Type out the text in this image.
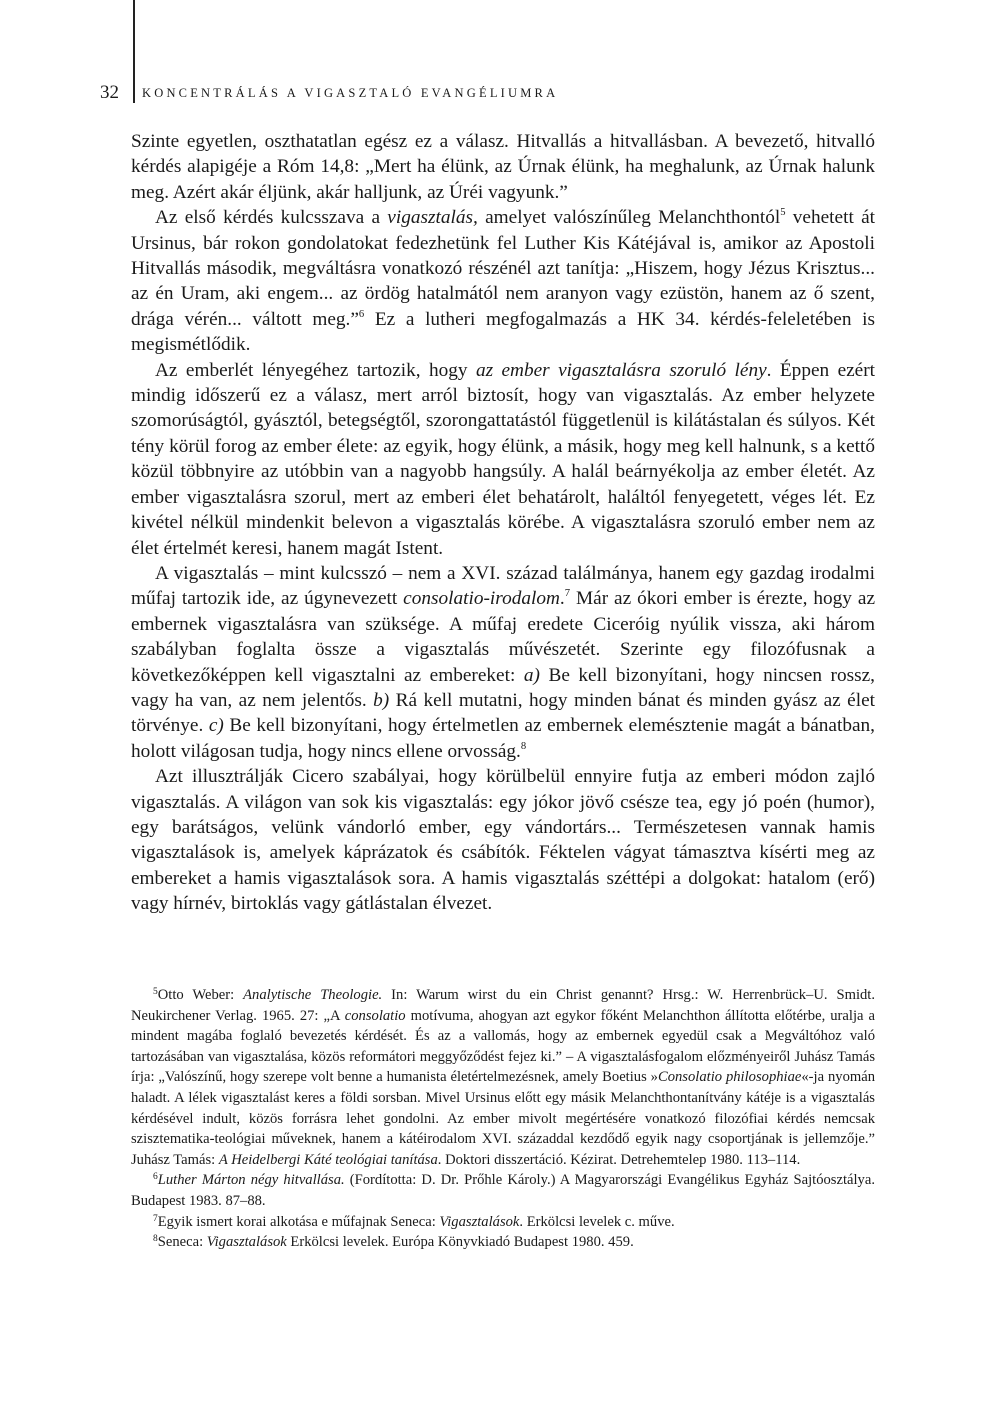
32	KONCENTRÁLÁS A VIGASZTALÓ EVANGÉLIUMRA

Szinte egyetlen, oszthatatlan egész ez a válasz. Hitvallás a hitvallásban. A bevezető, hitvalló kérdés alapigéje a Róm 14,8: „Mert ha élünk, az Úrnak élünk, ha meghalunk, az Úrnak halunk meg. Azért akár éljünk, akár halljunk, az Úréi vagyunk.”

Az első kérdés kulcsszava a vigasztalás, amelyet valószínűleg Melanchthontól$^5$ vehetett át Ursinus, bár rokon gondolatokat fedezhetünk fel Luther Kis Kátéjával is, amikor az Apostoli Hitvallás második, megváltásra vonatkozó részénél azt tanítja: „Hiszem, hogy Jézus Krisztus... az én Uram, aki engem... az ördög hatalmától nem aranyon vagy ezüstön, hanem az ő szent, drága vérén... váltott meg.”$^6$ Ez a lutheri megfogalmazás a HK 34. kérdés-feleletében is megismétlődik.

Az emberlét lényegéhez tartozik, hogy az ember vigasztalásra szoruló lény. Éppen ezért mindig időszerű ez a válasz, mert arról biztosít, hogy van vigasztalás. Az ember helyzete szomorúságtól, gyásztól, betegségtől, szorongattatástól függetlenül is kilátástalan és súlyos. Két tény körül forog az ember élete: az egyik, hogy élünk, a másik, hogy meg kell halnunk, s a kettő közül többnyire az utóbbin van a nagyobb hangsúly. A halál beárnyékolja az ember életét. Az ember vigasztalásra szorul, mert az emberi élet behatárolt, haláltól fenyegetett, véges lét. Ez kivétel nélkül mindenkit belevon a vigasztalás körébe. A vigasztalásra szoruló ember nem az élet értelmét keresi, hanem magát Istent.

A vigasztalás – mint kulcsszó – nem a XVI. század találmánya, hanem egy gazdag irodalmi műfaj tartozik ide, az úgynevezett consolatio-irodalom.$^7$ Már az ókori ember is érezte, hogy az embernek vigasztalásra van szüksége. A műfaj eredete Ciceróig nyúlik vissza, aki három szabályban foglalta össze a vigasztalás művészetét. Szerinte egy filozófusnak a következőképpen kell vigasztalni az embereket: a) Be kell bizonyítani, hogy nincsen rossz, vagy ha van, az nem jelentős. b) Rá kell mutatni, hogy minden bánat és minden gyász az élet törvénye. c) Be kell bizonyítani, hogy értelmetlen az embernek elemésztenie magát a bánatban, holott világosan tudja, hogy nincs ellene orvosság.$^8$

Azt illusztrálják Cicero szabályai, hogy körülbelül ennyire futja az emberi módon zajló vigasztalás. A világon van sok kis vigasztalás: egy jókor jövő csésze tea, egy jó poén (humor), egy barátságos, velünk vándorló ember, egy vándortárs... Természetesen vannak hamis vigasztalások is, amelyek káprázatok és csábítók. Féktelen vágyat támasztva kísérti meg az embereket a hamis vigasztalások sora. A hamis vigasztalás széttépi a dolgokat: hatalom (erő) vagy hírnév, birtoklás vagy gátlástalan élvezet.

$^5$Otto Weber: Analytische Theologie. In: Warum wirst du ein Christ genannt? Hrsg.: W. Herrenbrück–U. Smidt. Neukirchener Verlag. 1965. 27: „A consolatio motívuma, ahogyan azt egykor főként Melanchthon állította előtérbe, uralja a mindent magába foglaló bevezetés kérdését. És az a vallomás, hogy az embernek egyedül csak a Megváltóhoz való tartozásában van vigasztalása, közös reformátori meggyőződést fejez ki.” – A vigasztalásfogalom előzményeiről Juhász Tamás írja: „Valószínű, hogy szerepe volt benne a humanista életértelmezésnek, amely Boetius »Consolatio philosophiae«-ja nyomán haladt. A lélek vigasztalást keres a földi sorsban. Mivel Ursinus előtt egy másik Melanchthontanítvány kátéje is a vigasztalás kérdésével indult, közös forrásra lehet gondolni. Az ember mivolt megértésére vonatkozó filozófiai kérdés nemcsak szisztematika-teológiai műveknek, hanem a kátéirodalom XVI. századdal kezdődő egyik nagy csoportjának is jellemzője.” Juhász Tamás: A Heidelbergi Káté teológiai tanítása. Doktori disszertáció. Kézirat. Detrehemtelep 1980. 113–114.

$^6$Luther Márton négy hitvallása. (Fordította: D. Dr. Prőhle Károly.) A Magyarországi Evangélikus Egyház Sajtóosztálya. Budapest 1983. 87–88.

$^7$Egyik ismert korai alkotása e műfajnak Seneca: Vigasztalások. Erkölcsi levelek c. műve.

$^8$Seneca: Vigasztalások Erkölcsi levelek. Európa Könyvkiadó Budapest 1980. 459.
